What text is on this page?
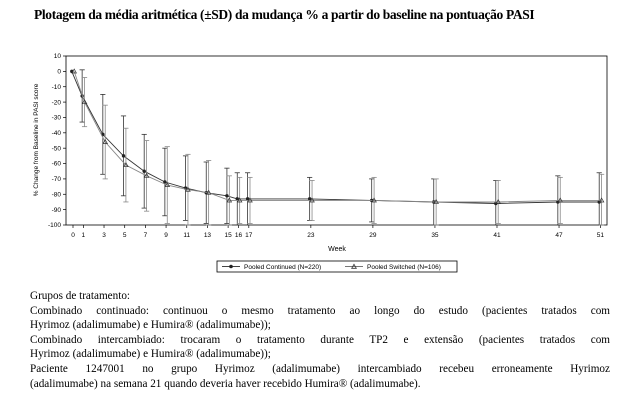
Plotagem da média aritmética (±SD) da mudança % a partir do baseline na pontuação PASI
10
0
-10
-20
-30
-40
-50
-60
-70
-80
-90
-100
0 1	3	5	7	9 11 13 15 16 17	23	29	35	41	47	51
% Change from Baseline in PASI score
Week
Pooled Continued (N=220)	Pooled Switched (N=106)
Grupos de tratamento:
Combinado continuado: continuou o mesmo tratamento ao longo do estudo (pacientes tratados com
Hyrimoz (adalimumabe) e Humira® (adalimumabe));
Combinado intercambiado: trocaram o tratamento durante TP2 e extensão (pacientes tratados com
Hyrimoz (adalimumabe) e Humira® (adalimumabe));
Paciente 1247001 no grupo Hyrimoz (adalimumabe) intercambiado recebeu erroneamente Hyrimoz
(adalimumabe) na semana 21 quando deveria haver recebido Humira® (adalimumabe).
